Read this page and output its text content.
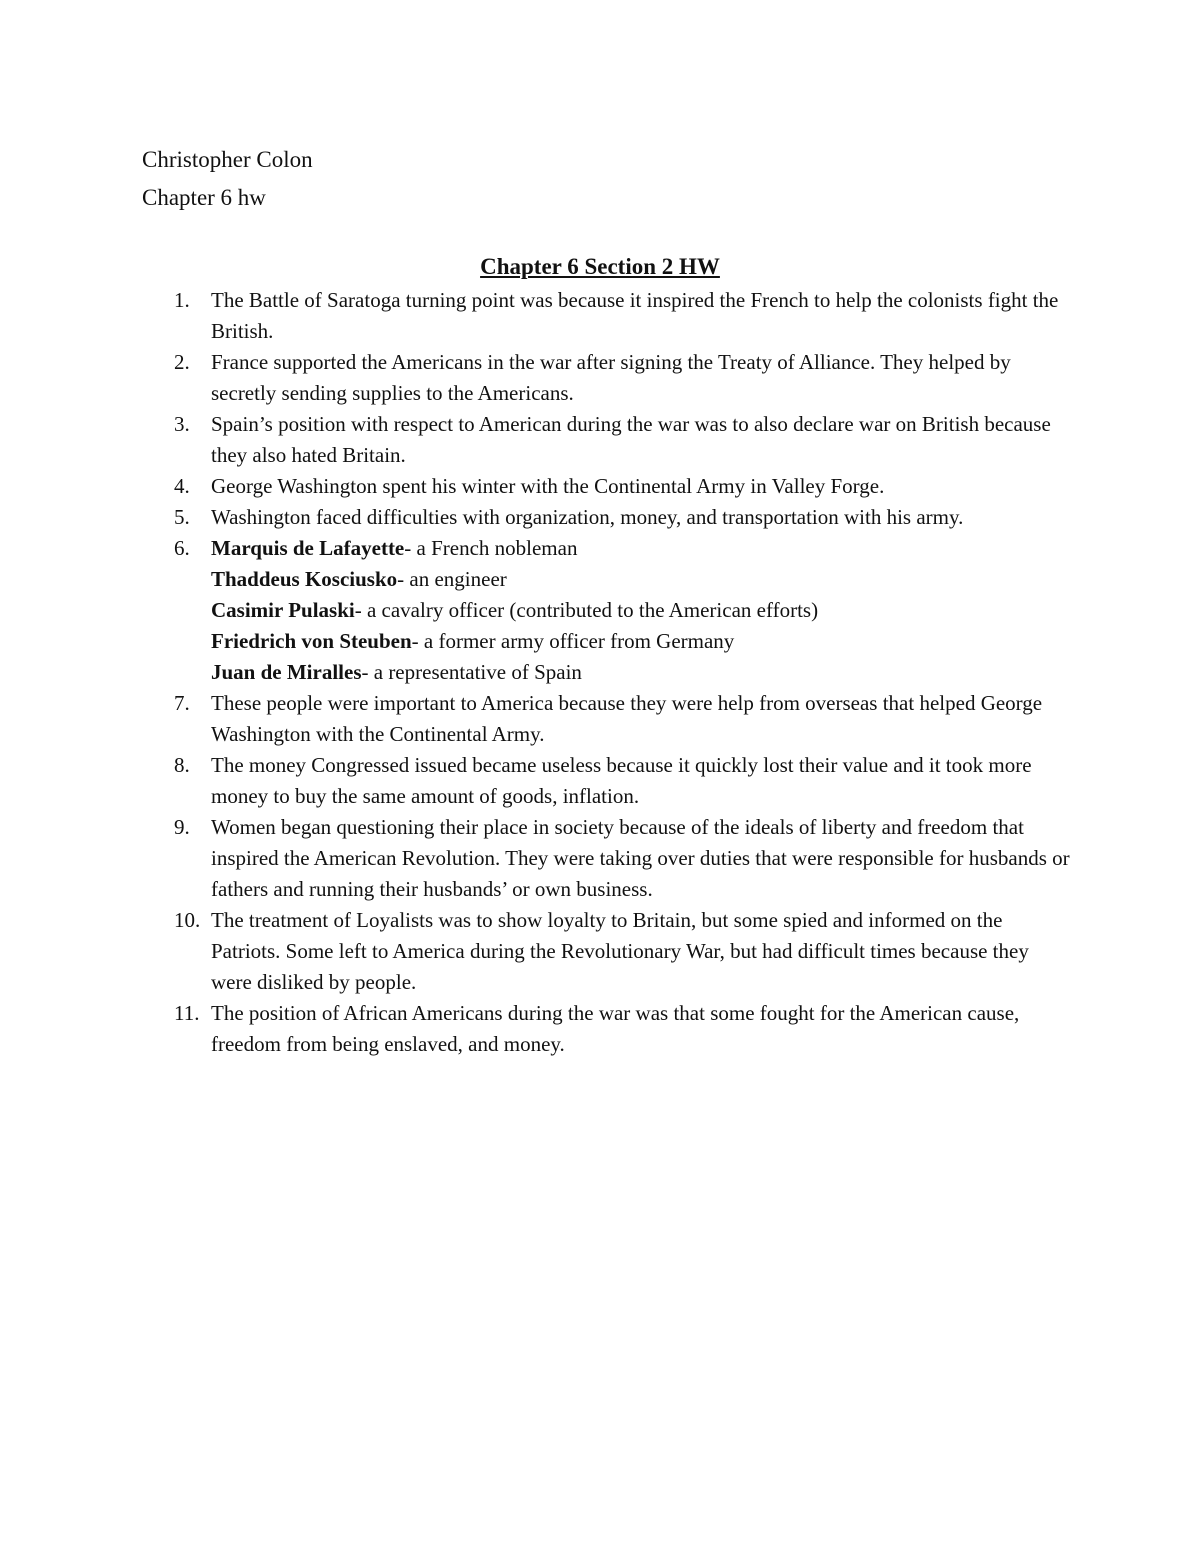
Christopher Colon
Chapter 6 hw
Chapter 6 Section 2 HW
1. The Battle of Saratoga turning point was because it inspired the French to help the colonists fight the British.
2. France supported the Americans in the war after signing the Treaty of Alliance. They helped by secretly sending supplies to the Americans.
3. Spain’s position with respect to American during the war was to also declare war on British because they also hated Britain.
4. George Washington spent his winter with the Continental Army in Valley Forge.
5. Washington faced difficulties with organization, money, and transportation with his army.
6. Marquis de Lafayette- a French nobleman
Thaddeus Kosciusko- an engineer
Casimir Pulaski- a cavalry officer (contributed to the American efforts)
Friedrich von Steuben- a former army officer from Germany
Juan de Miralles- a representative of Spain
7. These people were important to America because they were help from overseas that helped George Washington with the Continental Army.
8. The money Congressed issued became useless because it quickly lost their value and it took more money to buy the same amount of goods, inflation.
9. Women began questioning their place in society because of the ideals of liberty and freedom that inspired the American Revolution. They were taking over duties that were responsible for husbands or fathers and running their husbands’ or own business.
10. The treatment of Loyalists was to show loyalty to Britain, but some spied and informed on the Patriots. Some left to America during the Revolutionary War, but had difficult times because they were disliked by people.
11. The position of African Americans during the war was that some fought for the American cause, freedom from being enslaved, and money.
